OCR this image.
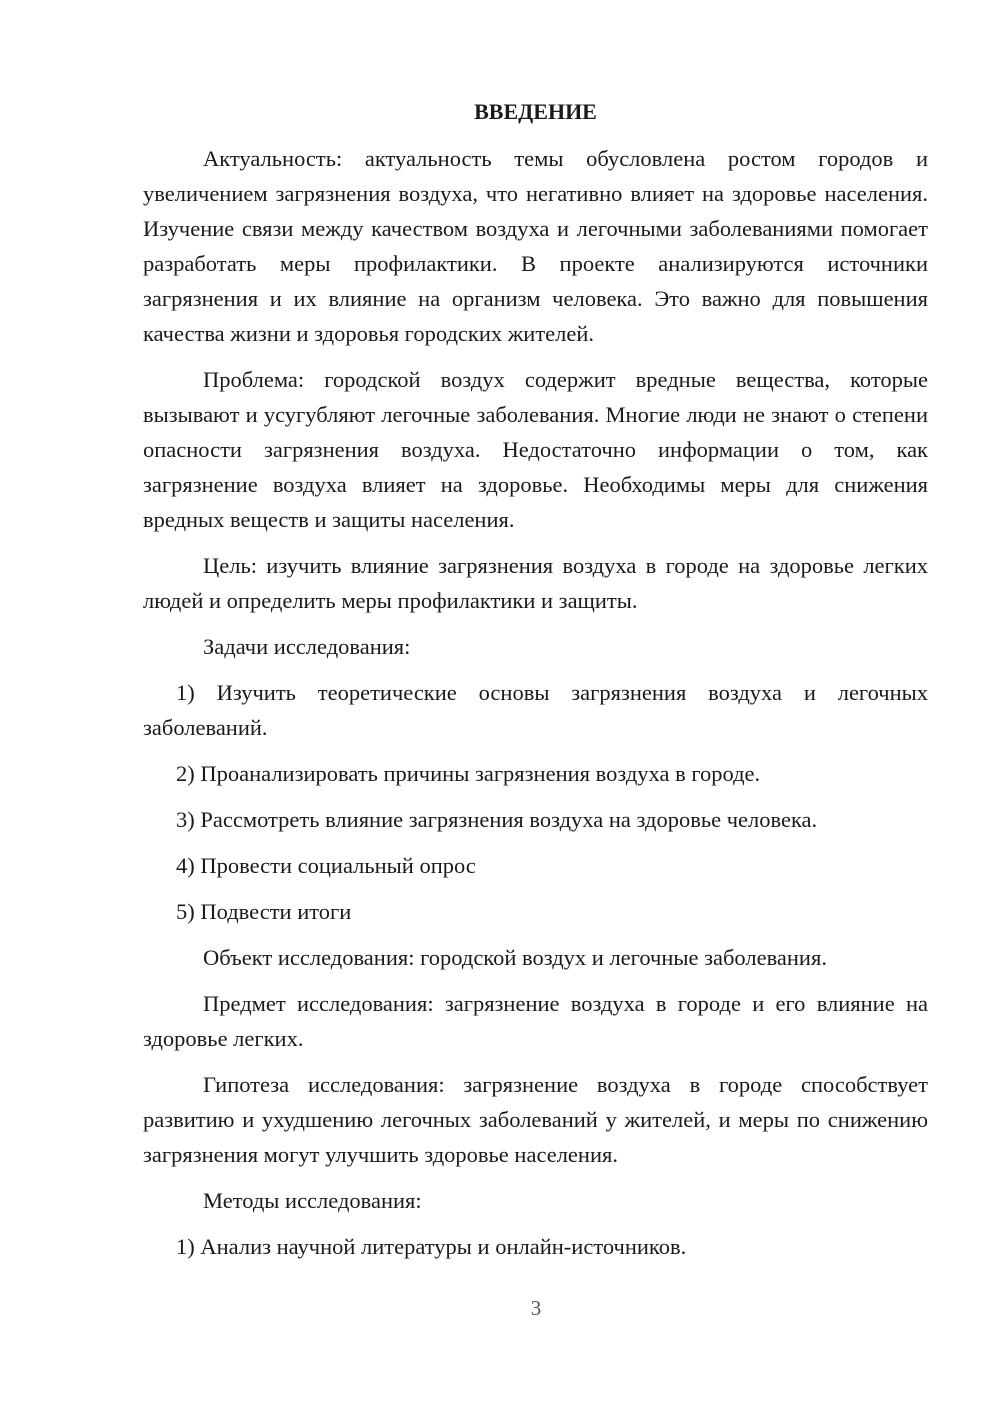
ВВЕДЕНИЕ

Актуальность: актуальность темы обусловлена ростом городов и увеличением загрязнения воздуха, что негативно влияет на здоровье населения. Изучение связи между качеством воздуха и легочными заболеваниями помогает разработать меры профилактики. В проекте анализируются источники загрязнения и их влияние на организм человека. Это важно для повышения качества жизни и здоровья городских жителей.

Проблема: городской воздух содержит вредные вещества, которые вызывают и усугубляют легочные заболевания. Многие люди не знают о степени опасности загрязнения воздуха. Недостаточно информации о том, как загрязнение воздуха влияет на здоровье. Необходимы меры для снижения вредных веществ и защиты населения.

Цель: изучить влияние загрязнения воздуха в городе на здоровье легких людей и определить меры профилактики и защиты.

Задачи исследования:

1) Изучить теоретические основы загрязнения воздуха и легочных заболеваний.

2) Проанализировать причины загрязнения воздуха в городе.

3) Рассмотреть влияние загрязнения воздуха на здоровье человека.

4) Провести социальный опрос

5) Подвести итоги

Объект исследования: городской воздух и легочные заболевания.

Предмет исследования: загрязнение воздуха в городе и его влияние на здоровье легких.

Гипотеза исследования: загрязнение воздуха в городе способствует развитию и ухудшению легочных заболеваний у жителей, и меры по снижению загрязнения могут улучшить здоровье населения.

Методы исследования:

1) Анализ научной литературы и онлайн-источников.

3
